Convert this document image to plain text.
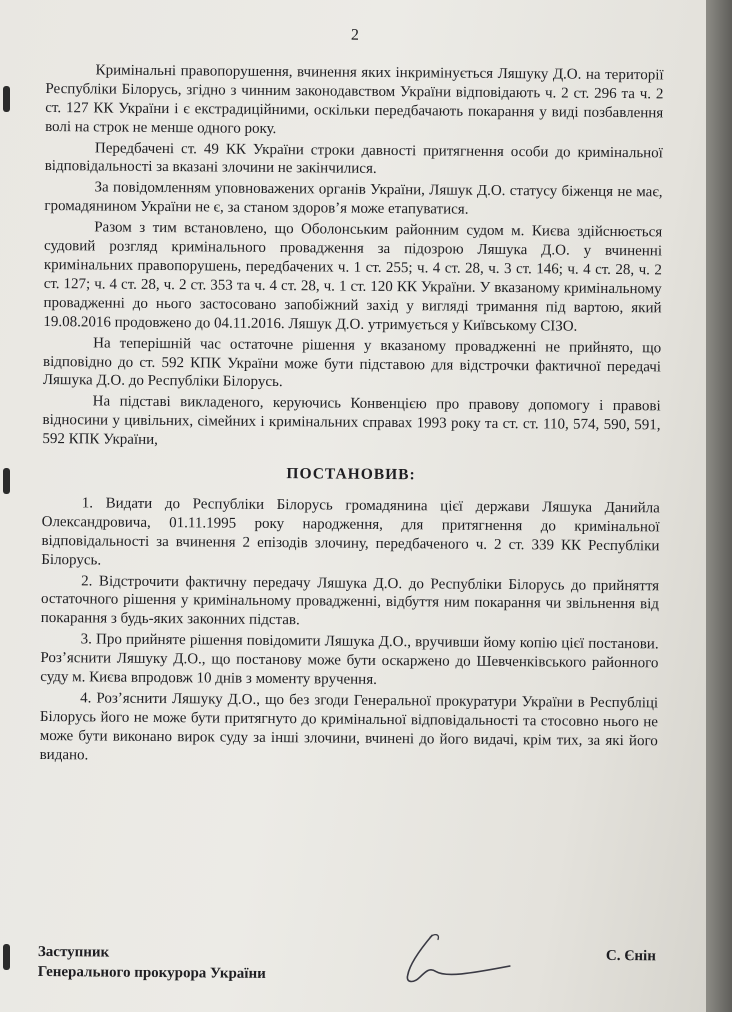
2

Кримінальні правопорушення, вчинення яких інкримінується Ляшуку Д.О. на території Республіки Білорусь, згідно з чинним законодавством України відповідають ч. 2 ст. 296 та ч. 2 ст. 127 КК України і є екстрадиційними, оскільки передбачають покарання у виді позбавлення волі на строк не менше одного року.

Передбачені ст. 49 КК України строки давності притягнення особи до кримінальної відповідальності за вказані злочини не закінчилися.

За повідомленням уповноважених органів України, Ляшук Д.О. статусу біженця не має, громадянином України не є, за станом здоров’я може етапуватися.

Разом з тим встановлено, що Оболонським районним судом м. Києва здійснюється судовий розгляд кримінального провадження за підозрою Ляшука Д.О. у вчиненні кримінальних правопорушень, передбачених ч. 1 ст. 255; ч. 4 ст. 28, ч. 3 ст. 146; ч. 4 ст. 28, ч. 2 ст. 127; ч. 4 ст. 28, ч. 2 ст. 353 та ч. 4 ст. 28, ч. 1 ст. 120 КК України. У вказаному кримінальному провадженні до нього застосовано запобіжний захід у вигляді тримання під вартою, який 19.08.2016 продовжено до 04.11.2016. Ляшук Д.О. утримується у Київському СІЗО.

На теперішній час остаточне рішення у вказаному провадженні не прийнято, що відповідно до ст. 592 КПК України може бути підставою для відстрочки фактичної передачі Ляшука Д.О. до Республіки Білорусь.

На підставі викладеного, керуючись Конвенцією про правову допомогу і правові відносини у цивільних, сімейних і кримінальних справах 1993 року та ст. ст. 110, 574, 590, 591, 592 КПК України,

ПОСТАНОВИВ:

1. Видати до Республіки Білорусь громадянина цієї держави Ляшука Данийла Олександровича, 01.11.1995 року народження, для притягнення до кримінальної відповідальності за вчинення 2 епізодів злочину, передбаченого ч. 2 ст. 339 КК Республіки Білорусь.

2. Відстрочити фактичну передачу Ляшука Д.О. до Республіки Білорусь до прийняття остаточного рішення у кримінальному провадженні, відбуття ним покарання чи звільнення від покарання з будь-яких законних підстав.

3. Про прийняте рішення повідомити Ляшука Д.О., вручивши йому копію цієї постанови. Роз’яснити Ляшуку Д.О., що постанову може бути оскаржено до Шевченківського районного суду м. Києва впродовж 10 днів з моменту вручення.

4. Роз’яснити Ляшуку Д.О., що без згоди Генеральної прокуратури України в Республіці Білорусь його не може бути притягнуто до кримінальної відповідальності та стосовно нього не може бути виконано вирок суду за інші злочини, вчинені до його видачі, крім тих, за які його видано.

Заступник
Генерального прокурора України
С. Єнін
